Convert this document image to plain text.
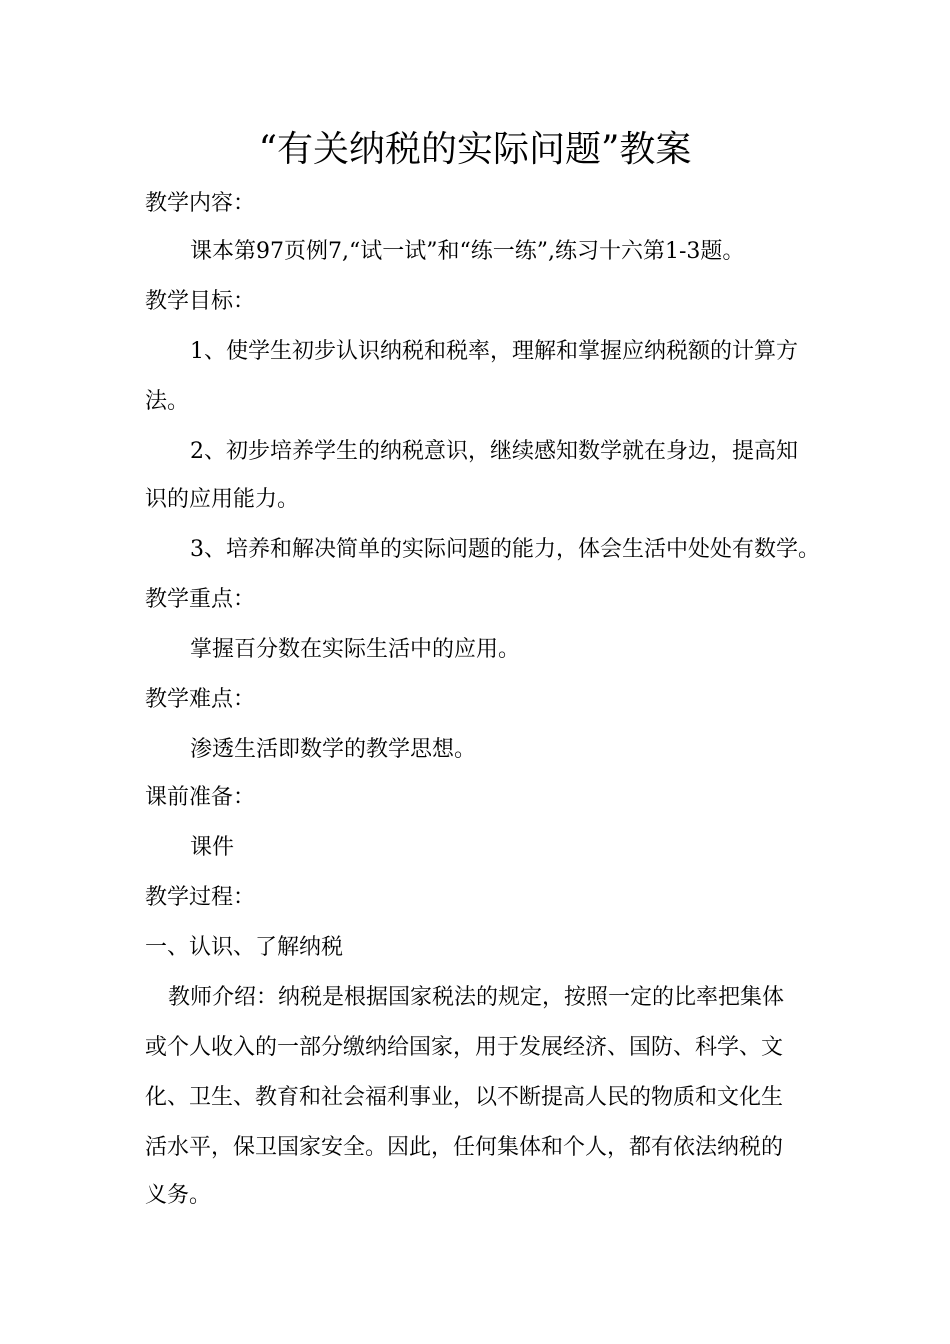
“有关纳税的实际问题”教案
教学内容：
课本第97页例7,“试一试”和“练一练”,练习十六第1-3题。
教学目标：
1、使学生初步认识纳税和税率，理解和掌握应纳税额的计算方
法。
2、初步培养学生的纳税意识，继续感知数学就在身边，提高知
识的应用能力。
3、培养和解决简单的实际问题的能力，体会生活中处处有数学。
教学重点：
掌握百分数在实际生活中的应用。
教学难点：
渗透生活即数学的教学思想。
课前准备：
课件
教学过程：
一、认识、了解纳税
教师介绍：纳税是根据国家税法的规定，按照一定的比率把集体
或个人收入的一部分缴纳给国家，用于发展经济、国防、科学、文
化、卫生、教育和社会福利事业，以不断提高人民的物质和文化生
活水平，保卫国家安全。因此，任何集体和个人，都有依法纳税的
义务。
